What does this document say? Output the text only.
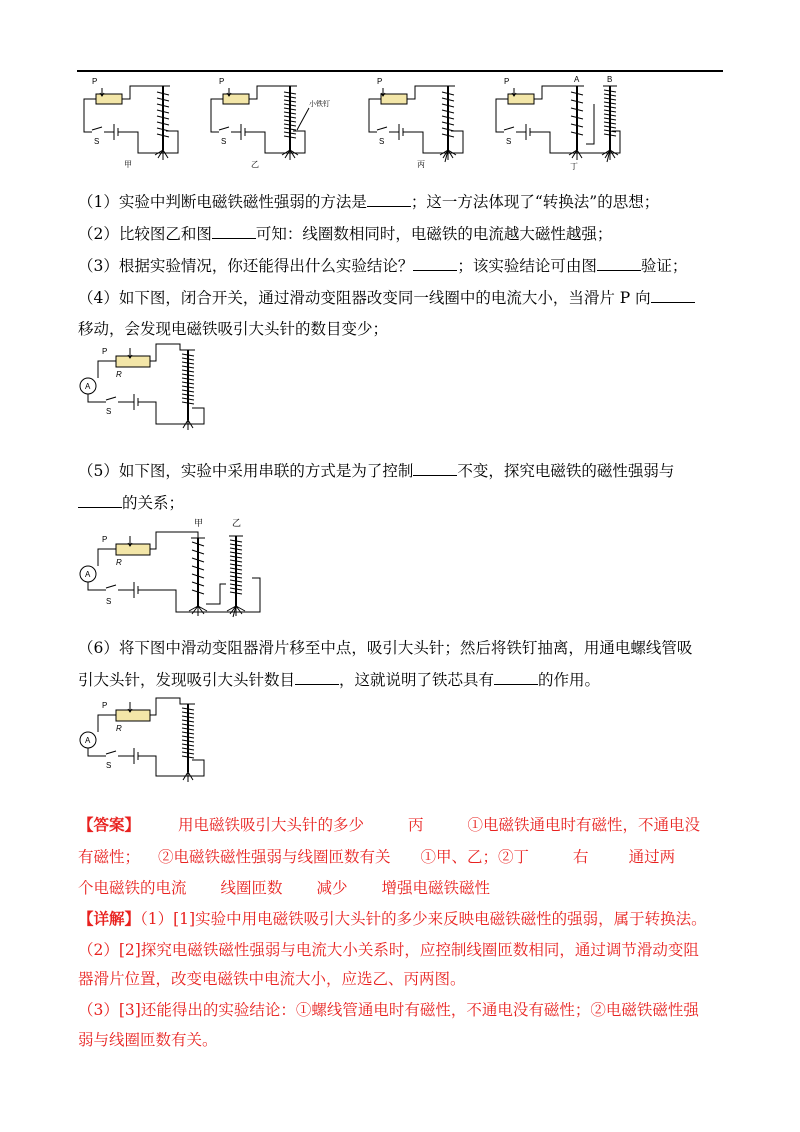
P
S
甲
P
S
乙
小铁钉
P
S
丙
P
S
丁
A	B
（1）实验中判断电磁铁磁性强弱的方法是	；这一方法体现了“转换法”的思想；
（2）比较图乙和图	可知：线圈数相同时，电磁铁的电流越大磁性越强；
（3）根据实验情况，你还能得出什么实验结论？	；该实验结论可由图	验证；
（4）如下图，闭合开关，通过滑动变阻器改变同一线圈中的电流大小，当滑片 P 向
移动，会发现电磁铁吸引大头针的数目变少；
P
R
A
S
（5）如下图，实验中采用串联的方式是为了控制	不变，探究电磁铁的磁性强弱与
的关系；
甲	乙
P
R
A
S
（6）将下图中滑动变阻器滑片移至中点，吸引大头针；然后将铁钉抽离，用通电螺线管吸
引大头针，发现吸引大头针数目	，这就说明了铁芯具有	的作用。
P
R
A
S
【答案】 用电磁铁吸引大头针的多少	丙	①电磁铁通电时有磁性，不通电没
有磁性； ②电磁铁磁性强弱与线圈匝数有关 ①甲、乙；②丁	右	通过两
个电磁铁的电流 线圈匝数 减少 增强电磁铁磁性
【详解】（1）[1]实验中用电磁铁吸引大头针的多少来反映电磁铁磁性的强弱，属于转换法。
（2）[2]探究电磁铁磁性强弱与电流大小关系时，应控制线圈匝数相同，通过调节滑动变阻
器滑片位置，改变电磁铁中电流大小，应选乙、丙两图。
（3）[3]还能得出的实验结论：①螺线管通电时有磁性，不通电没有磁性；②电磁铁磁性强
弱与线圈匝数有关。
